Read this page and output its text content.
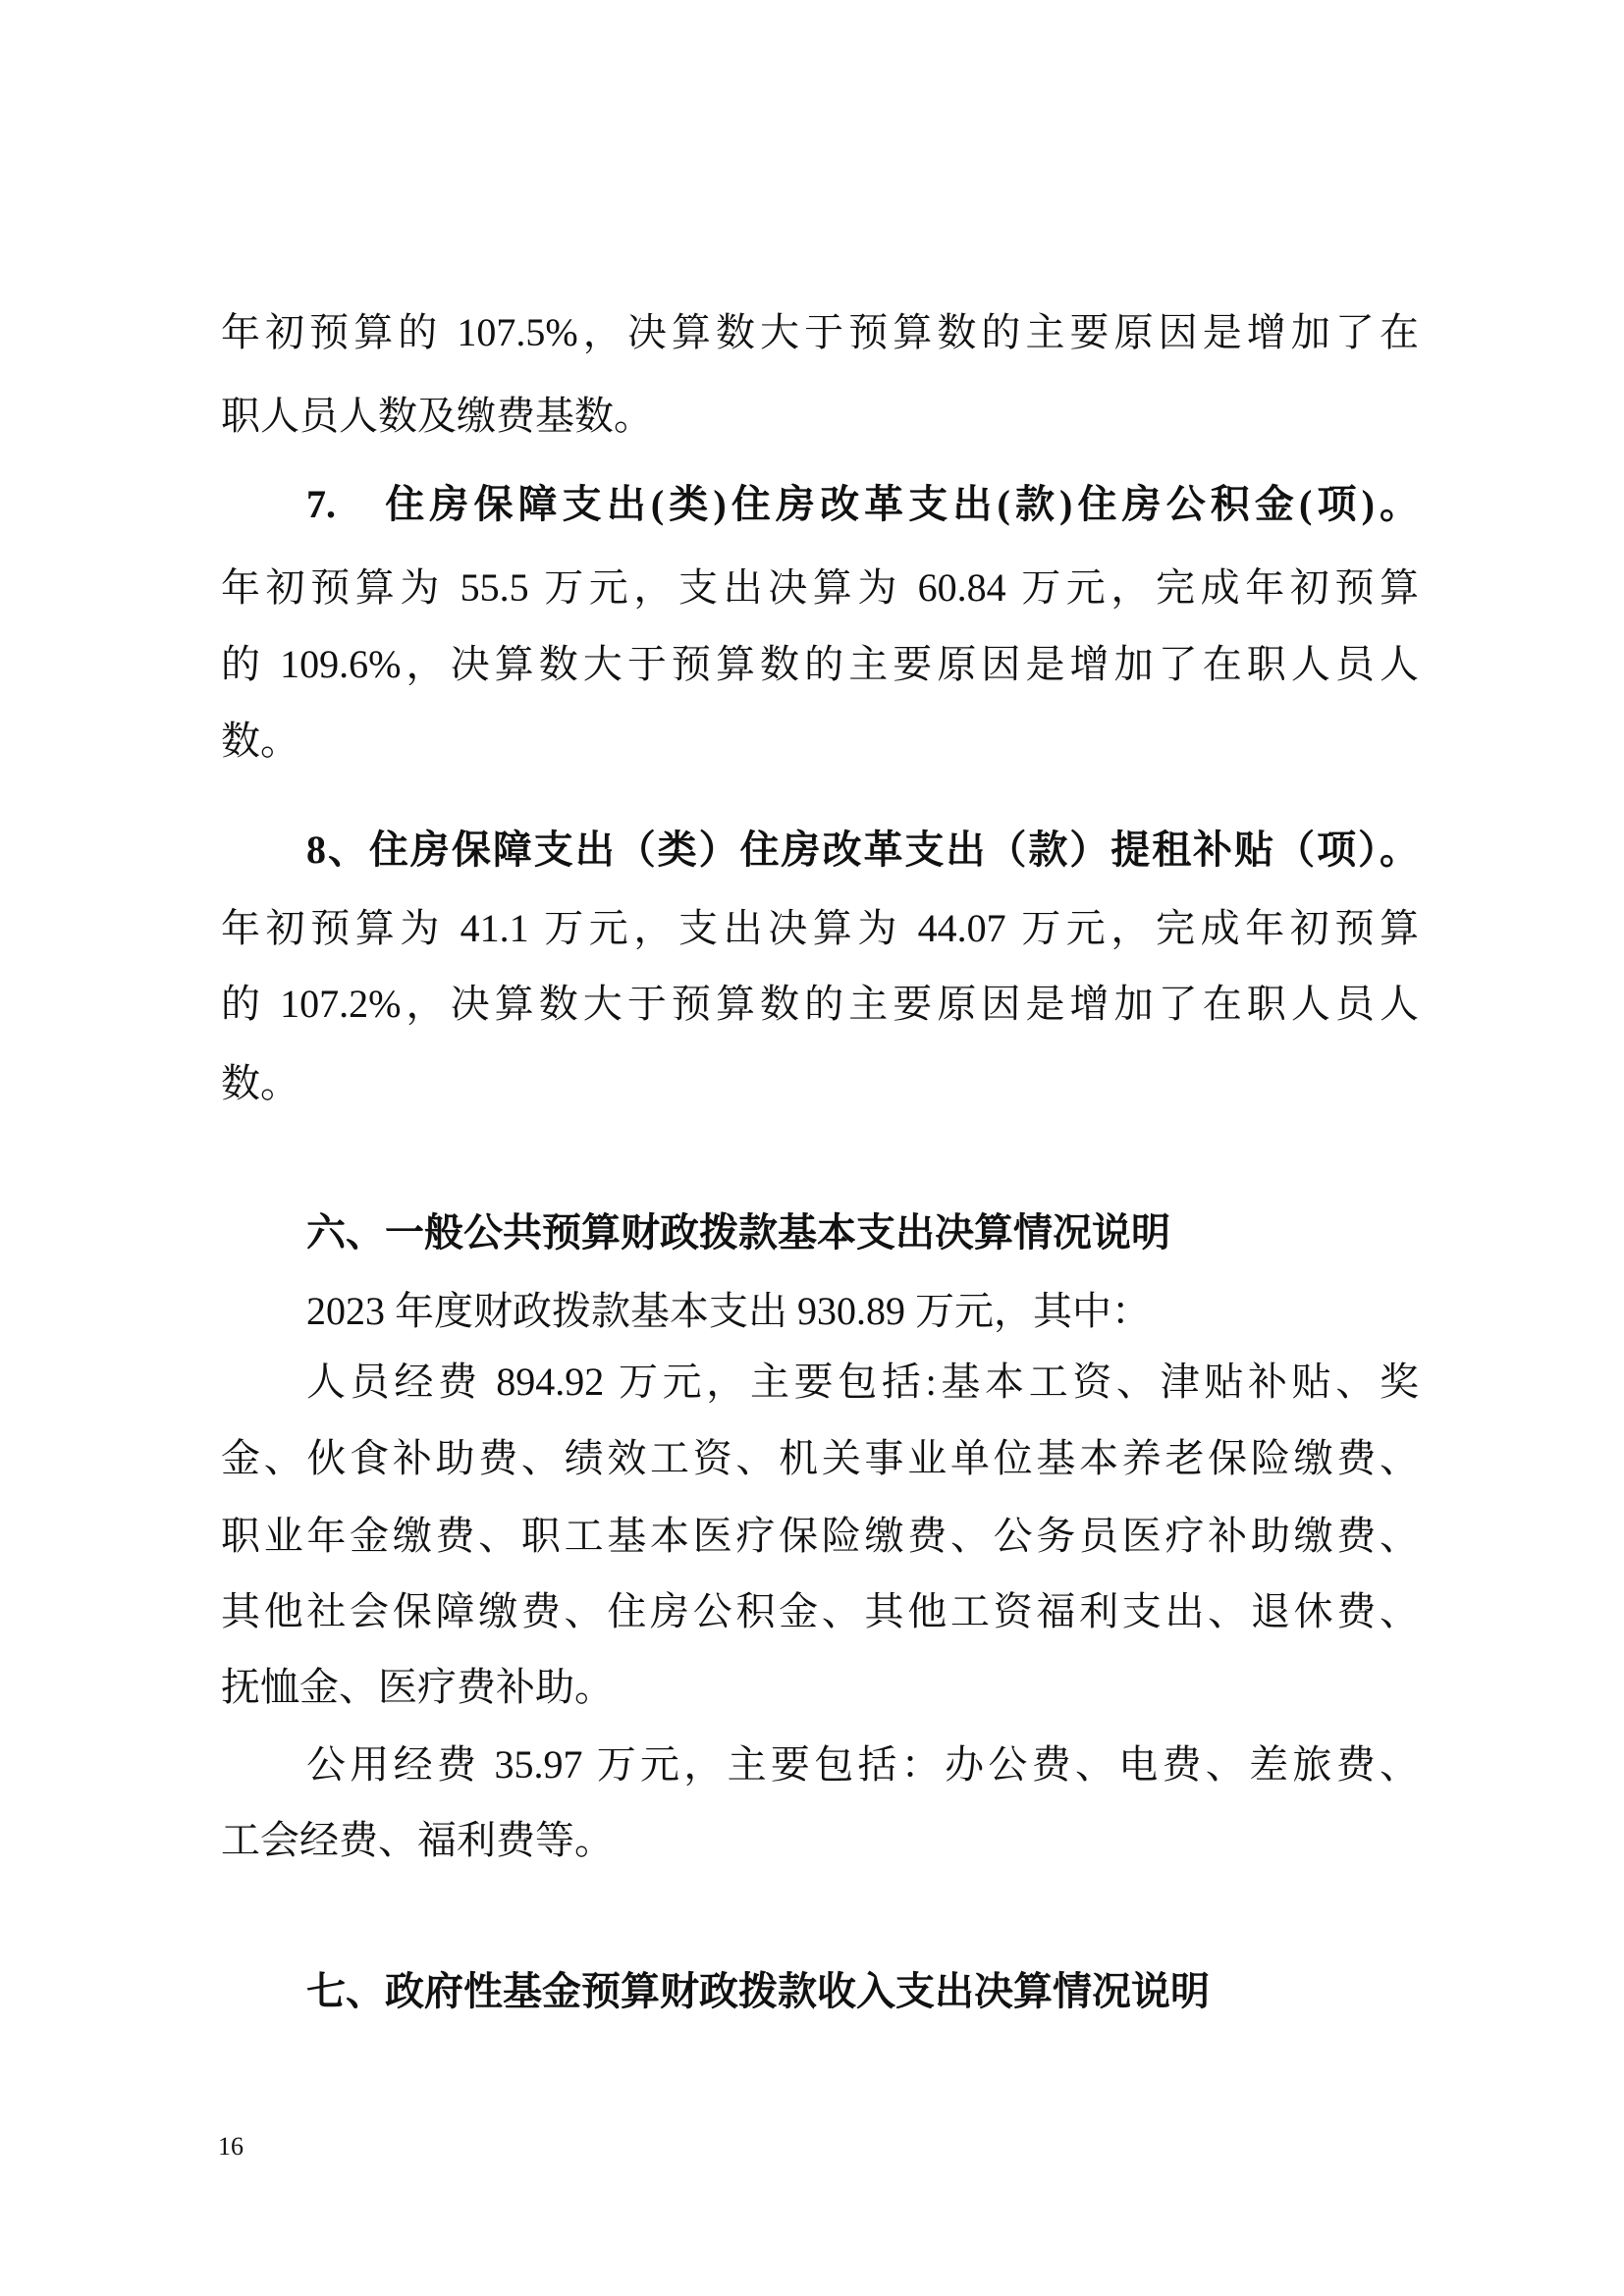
年初预算的 107.5%，决算数大于预算数的主要原因是增加了在
职人员人数及缴费基数。
7.　住房保障支出(类)住房改革支出(款)住房公积金(项)。
年初预算为 55.5 万元，支出决算为 60.84 万元，完成年初预算
的 109.6%，决算数大于预算数的主要原因是增加了在职人员人
数。
8、住房保障支出（类）住房改革支出（款）提租补贴（项）。
年初预算为 41.1 万元，支出决算为 44.07 万元，完成年初预算
的 107.2%，决算数大于预算数的主要原因是增加了在职人员人
数。
六、一般公共预算财政拨款基本支出决算情况说明
2023 年度财政拨款基本支出 930.89 万元，其中：
人员经费 894.92 万元，主要包括:基本工资、津贴补贴、奖
金、伙食补助费、绩效工资、机关事业单位基本养老保险缴费、
职业年金缴费、职工基本医疗保险缴费、公务员医疗补助缴费、
其他社会保障缴费、住房公积金、其他工资福利支出、退休费、
抚恤金、医疗费补助。
公用经费 35.97 万元，主要包括：办公费、电费、差旅费、
工会经费、福利费等。
七、政府性基金预算财政拨款收入支出决算情况说明
16
